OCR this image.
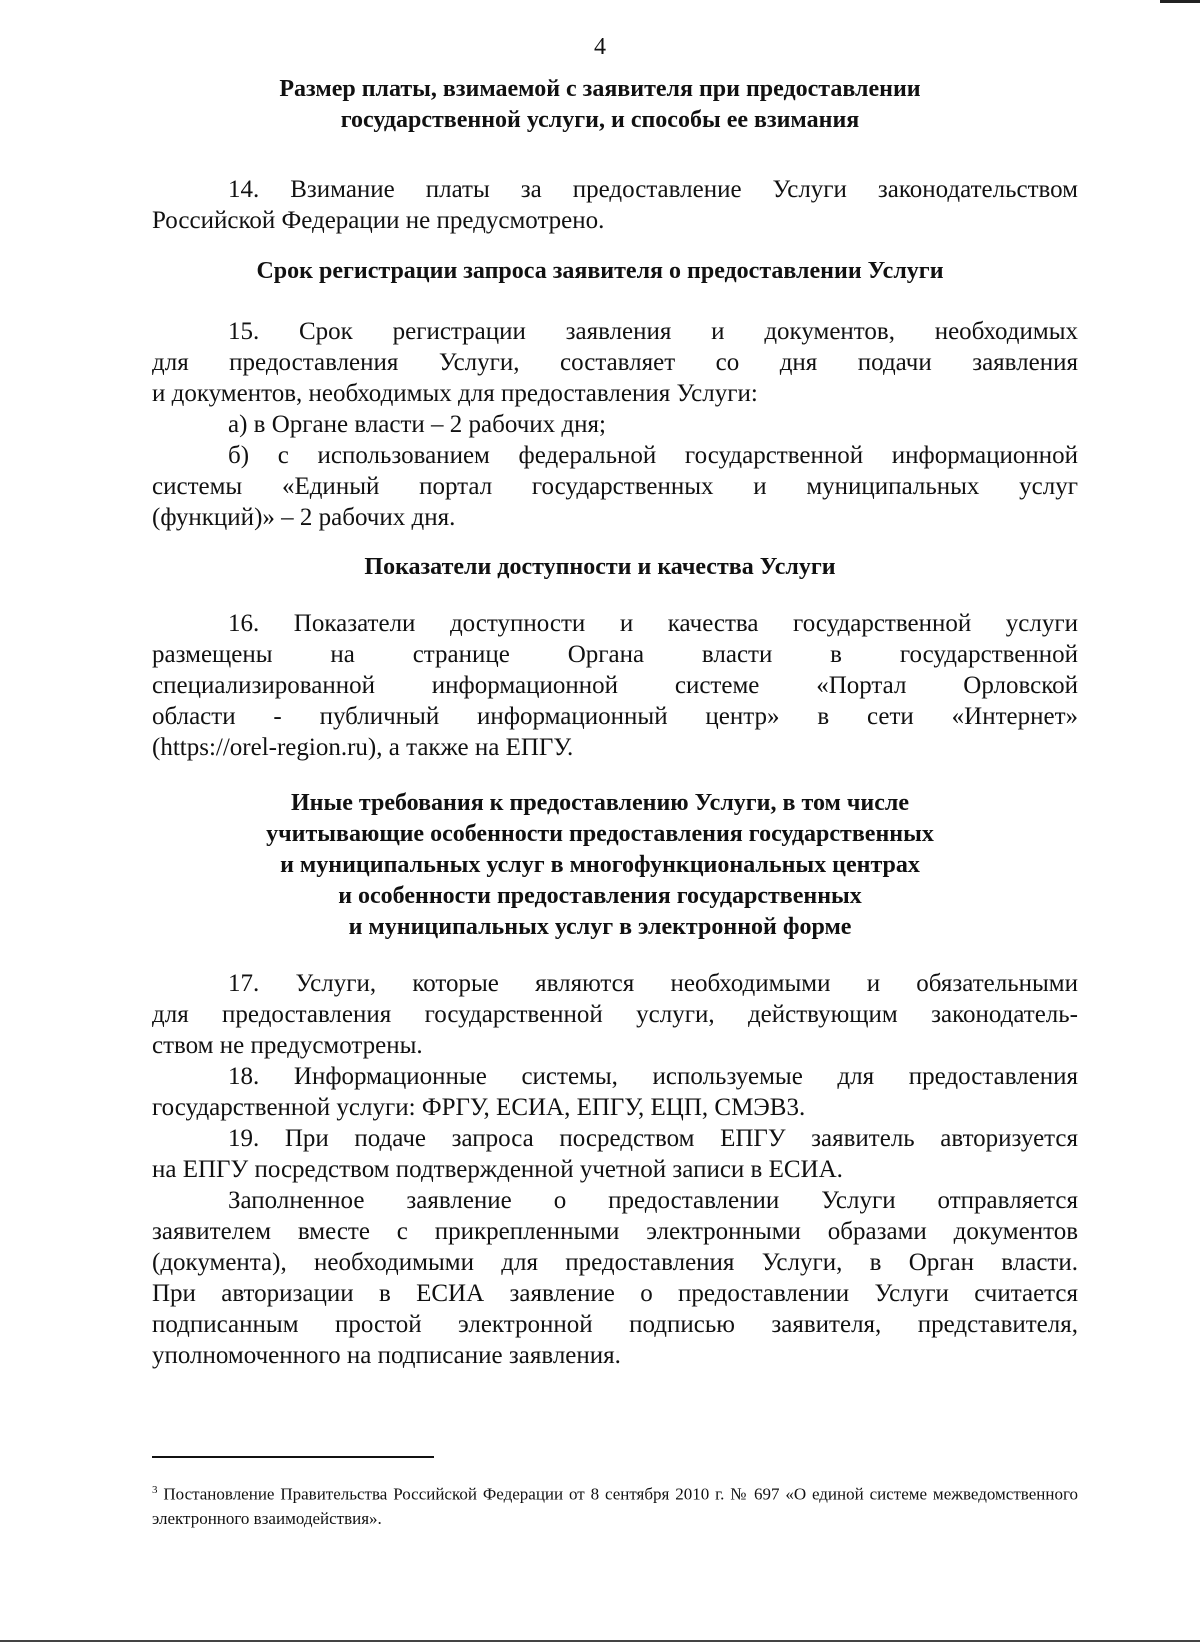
4
Размер платы, взимаемой с заявителя при предоставлении
государственной услуги, и способы ее взимания
14. Взимание платы за предоставление Услуги законодательством
Российской Федерации не предусмотрено.
Срок регистрации запроса заявителя о предоставлении Услуги
15. Срок регистрации заявления и документов, необходимых
для предоставления Услуги, составляет со дня подачи заявления
и документов, необходимых для предоставления Услуги:
а) в Органе власти – 2 рабочих дня;
б) с использованием федеральной государственной информационной
системы «Единый портал государственных и муниципальных услуг
(функций)» – 2 рабочих дня.
Показатели доступности и качества Услуги
16. Показатели доступности и качества государственной услуги
размещены на странице Органа власти в государственной
специализированной информационной системе «Портал Орловской
области - публичный информационный центр» в сети «Интернет»
(https://orel-region.ru), а также на ЕПГУ.
Иные требования к предоставлению Услуги, в том числе
учитывающие особенности предоставления государственных
и муниципальных услуг в многофункциональных центрах
и особенности предоставления государственных
и муниципальных услуг в электронной форме
17. Услуги, которые являются необходимыми и обязательными
для предоставления государственной услуги, действующим законодатель-
ством не предусмотрены.
18. Информационные системы, используемые для предоставления
государственной услуги: ФРГУ, ЕСИА, ЕПГУ, ЕЦП, СМЭВ3.
19. При подаче запроса посредством ЕПГУ заявитель авторизуется
на ЕПГУ посредством подтвержденной учетной записи в ЕСИА.
Заполненное заявление о предоставлении Услуги отправляется
заявителем вместе с прикрепленными электронными образами документов
(документа), необходимыми для предоставления Услуги, в Орган власти.
При авторизации в ЕСИА заявление о предоставлении Услуги считается
подписанным простой электронной подписью заявителя, представителя,
уполномоченного на подписание заявления.
$^3$ Постановление Правительства Российской Федерации от 8 сентября 2010 г. № 697 «О единой системе межведомственного электронного взаимодействия».
